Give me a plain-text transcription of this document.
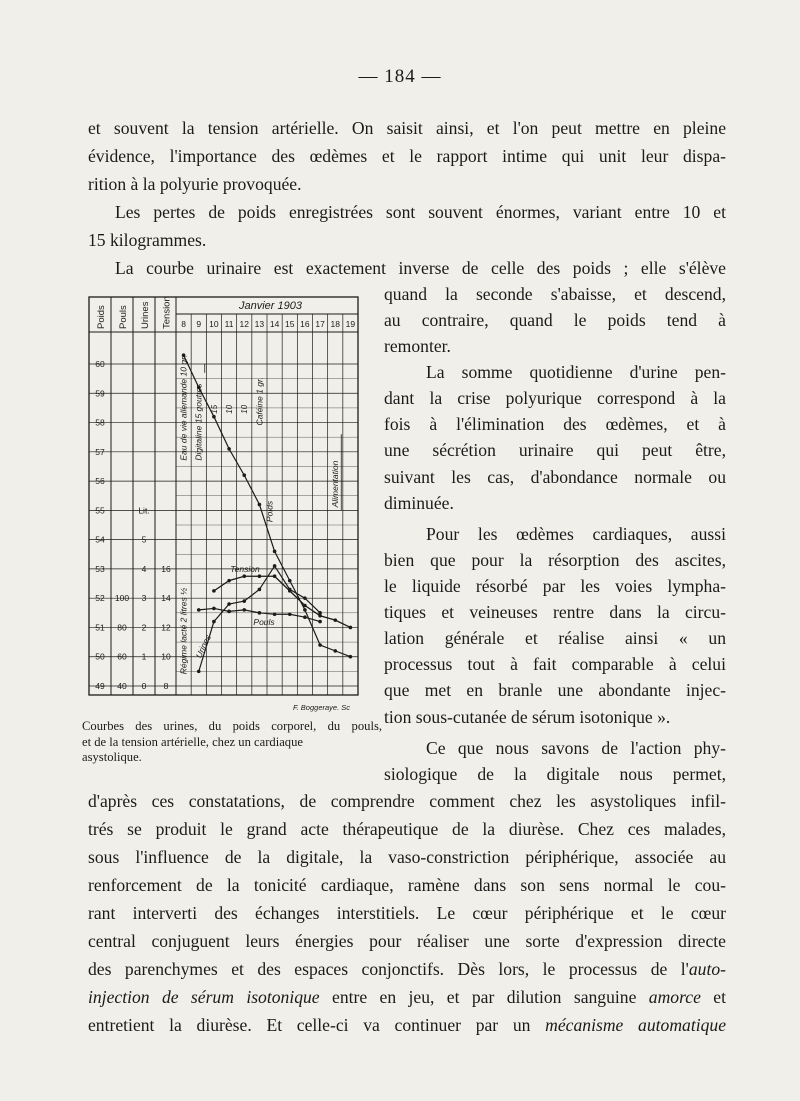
— 184 —
et souvent la tension artérielle. On saisit ainsi, et l'on peut mettre en pleine
évidence, l'importance des œdèmes et le rapport intime qui unit leur dispa-
rition à la polyurie provoquée.
Les pertes de poids enregistrées sont souvent énormes, variant entre 10 et
15 kilogrammes.
La courbe urinaire est exactement inverse de celle des poids ; elle s'élève
quand la seconde s'abaisse, et descend,
au contraire, quand le poids tend à
remonter.
La somme quotidienne d'urine pen-
dant la crise polyurique correspond à la
fois à l'élimination des œdèmes, et à
une sécrétion urinaire qui peut être,
suivant les cas, d'abondance normale ou
diminuée.
Pour les œdèmes cardiaques, aussi
bien que pour la résorption des ascites,
le liquide résorbé par les voies lympha-
tiques et veineuses rentre dans la circu-
lation générale et réalise ainsi « un
processus tout à fait comparable à celui
que met en branle une abondante injec-
tion sous-cutanée de sérum isotonique ».
Ce que nous savons de l'action phy-
siologique de la digitale nous permet,
d'après ces constatations, de comprendre comment chez les asystoliques infil-
trés se produit le grand acte thérapeutique de la diurèse. Chez ces malades,
sous l'influence de la digitale, la vaso-constriction périphérique, associée au
renforcement de la tonicité cardiaque, ramène dans son sens normal le cou-
rant interverti des échanges interstitiels. Le cœur périphérique et le cœur
central conjuguent leurs énergies pour réaliser une sorte d'expression directe
des parenchymes et des espaces conjonctifs. Dès lors, le processus de l'auto-
injection de sérum isotonique entre en jeu, et par dilution sanguine amorce et
entretient la diurèse. Et celle-ci va continuer par un mécanisme automatique
Poids Pouls Urines Tension	Janvier 1903
8 9 10 11 12 13 14 15 16 17 18 19
60
59
58
57
56
55
54
53
52
51
50
49
100
80
60
40
Lit.
5
4
3
2
1
0
16
14
12
10
8
Tension
Pouls
Urines
Poids
Eau de vie allemande 10 gr. Digitaline 15 gouttes 15 10 10 Caféine 1 gr.
Régime lacté 2 litres ½
Alimentation
F. Boggeraye. Sc
Courbes des urines, du poids corporel, du pouls,
et de la tension artérielle, chez un cardiaque
asystolique.
